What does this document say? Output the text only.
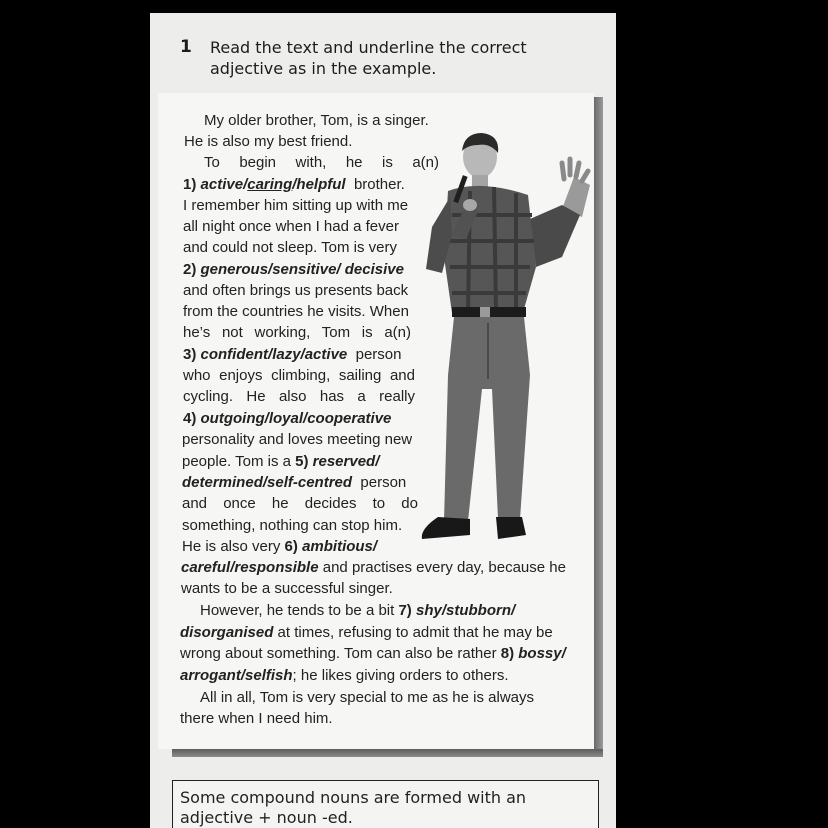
1 Read the text and underline the correct adjective as in the example.
My older brother, Tom, is a singer.
He is also my best friend.
To begin with, he is a(n)
1) active/caring/helpful brother.
I remember him sitting up with me
all night once when I had a fever
and could not sleep. Tom is very
2) generous/sensitive/ decisive
and often brings us presents back
from the countries he visits. When
he’s not working, Tom is a(n)
3) confident/lazy/active person
who enjoys climbing, sailing and
cycling. He also has a really
4) outgoing/loyal/cooperative
personality and loves meeting new
people. Tom is a 5) reserved/
determined/self-centred person
and once he decides to do
something, nothing can stop him.
He is also very 6) ambitious/
careful/responsible and practises every day, because he
wants to be a successful singer.
However, he tends to be a bit 7) shy/stubborn/
disorganised at times, refusing to admit that he may be
wrong about something. Tom can also be rather 8) bossy/
arrogant/selfish; he likes giving orders to others.
All in all, Tom is very special to me as he is always
there when I need him.
Some compound nouns are formed with an adjective + noun -ed.
